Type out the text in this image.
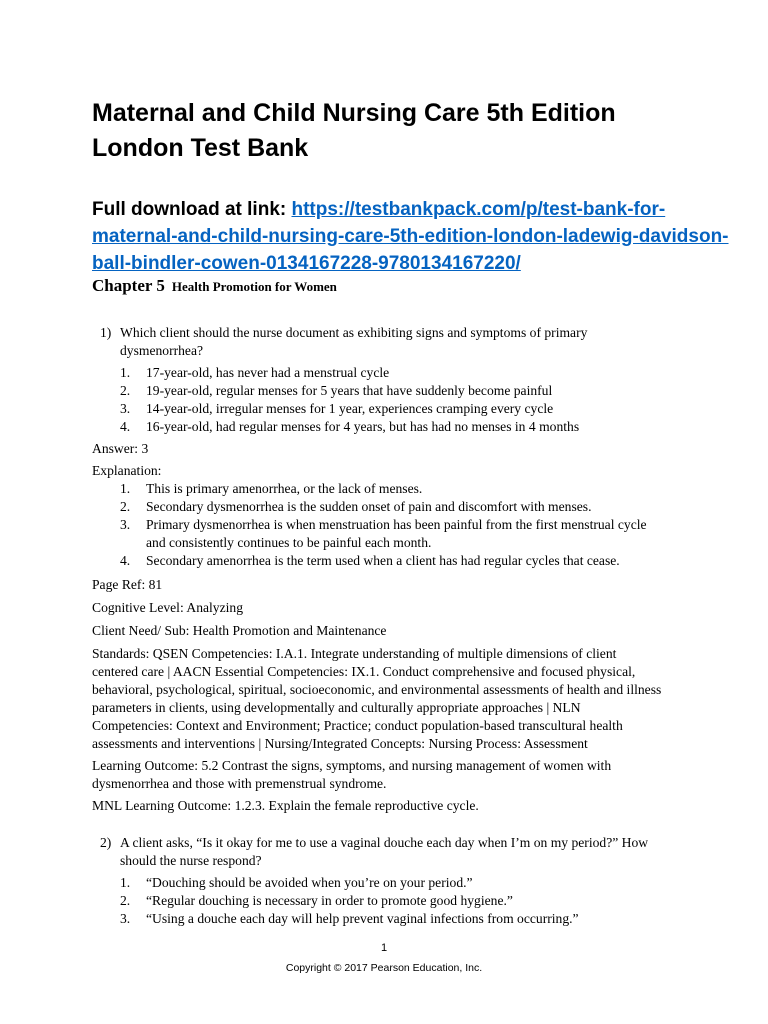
Maternal and Child Nursing Care 5th Edition London Test Bank

Full download at link: https://testbankpack.com/p/test-bank-for-maternal-and-child-nursing-care-5th-edition-london-ladewig-davidson-ball-bindler-cowen-0134167228-9780134167220/

Chapter 5 Health Promotion for Women
1) Which client should the nurse document as exhibiting signs and symptoms of primary dysmenorrhea?
1. 17-year-old, has never had a menstrual cycle
2. 19-year-old, regular menses for 5 years that have suddenly become painful
3. 14-year-old, irregular menses for 1 year, experiences cramping every cycle
4. 16-year-old, had regular menses for 4 years, but has had no menses in 4 months

Answer: 3

Explanation:

1. This is primary amenorrhea, or the lack of menses.
2. Secondary dysmenorrhea is the sudden onset of pain and discomfort with menses.
3. Primary dysmenorrhea is when menstruation has been painful from the first menstrual cycle and consistently continues to be painful each month.
4. Secondary amenorrhea is the term used when a client has had regular cycles that cease.

Page Ref: 81

Cognitive Level: Analyzing

Client Need/ Sub: Health Promotion and Maintenance

Standards: QSEN Competencies: I.A.1. Integrate understanding of multiple dimensions of client centered care | AACN Essential Competencies: IX.1. Conduct comprehensive and focused physical, behavioral, psychological, spiritual, socioeconomic, and environmental assessments of health and illness parameters in clients, using developmentally and culturally appropriate approaches | NLN Competencies: Context and Environment; Practice; conduct population-based transcultural health assessments and interventions | Nursing/Integrated Concepts: Nursing Process: Assessment

Learning Outcome: 5.2 Contrast the signs, symptoms, and nursing management of women with dysmenorrhea and those with premenstrual syndrome.

MNL Learning Outcome: 1.2.3. Explain the female reproductive cycle.

2) A client asks, “Is it okay for me to use a vaginal douche each day when I’m on my period?” How should the nurse respond?
1. “Douching should be avoided when you’re on your period.”
2. “Regular douching is necessary in order to promote good hygiene.”
3. “Using a douche each day will help prevent vaginal infections from occurring.”
1
Copyright © 2017 Pearson Education, Inc.
